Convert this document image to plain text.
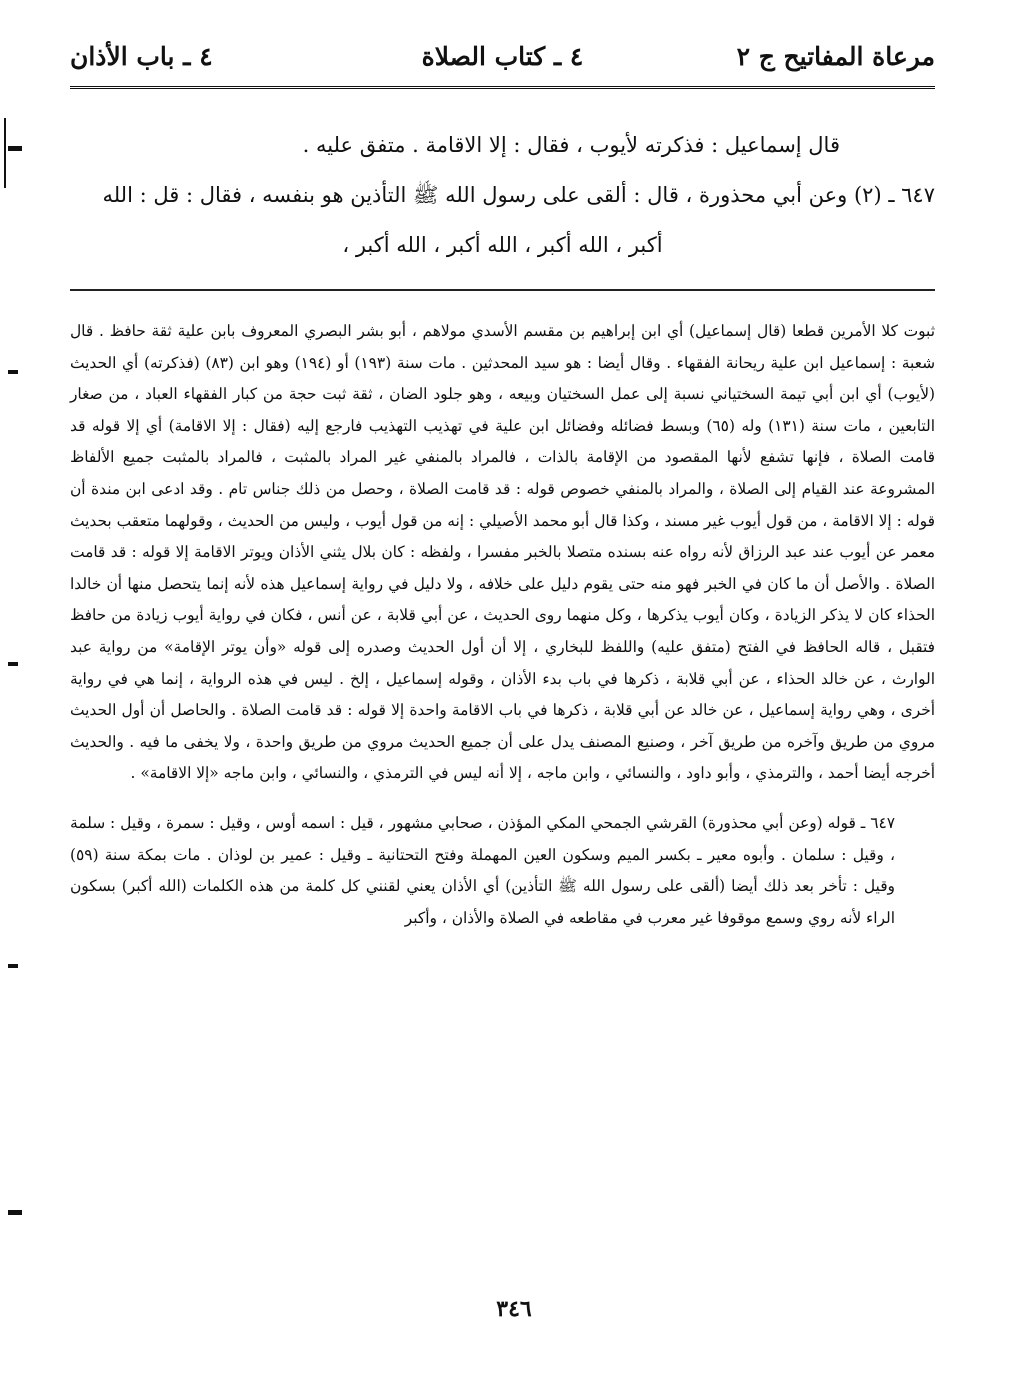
مرعاة المفاتيح ج ٢
٤ ـ كتاب الصلاة
٤ ـ باب الأذان

قال إسماعيل : فذكرته لأيوب ، فقال : إلا الاقامة . متفق عليه .

٦٤٧ ـ (٢) وعن أبي محذورة ، قال : ألقى على رسول الله ﷺ التأذين هو بنفسه ، فقال : قل : الله

أكبر ، الله أكبر ، الله أكبر ، الله أكبر ،

ثبوت كلا الأمرين قطعا (قال إسماعيل) أي ابن إبراهيم بن مقسم الأسدي مولاهم ، أبو بشر البصري المعروف بابن علية ثقة حافظ . قال شعبة : إسماعيل ابن علية ريحانة الفقهاء . وقال أيضا : هو سيد المحدثين . مات سنة (١٩٣) أو (١٩٤) وهو ابن (٨٣) (فذكرته) أي الحديث (لأيوب) أي ابن أبي تيمة السختياني نسبة إلى عمل السختيان وبيعه ، وهو جلود الضان ، ثقة ثبت حجة من كبار الفقهاء العباد ، من صغار التابعين ، مات سنة (١٣١) وله (٦٥) وبسط فضائله وفضائل ابن علية في تهذيب التهذيب فارجع إليه (فقال : إلا الاقامة) أي إلا قوله قد قامت الصلاة ، فإنها تشفع لأنها المقصود من الإقامة بالذات ، فالمراد بالمنفي غير المراد بالمثبت ، فالمراد بالمثبت جميع الألفاظ المشروعة عند القيام إلى الصلاة ، والمراد بالمنفي خصوص قوله : قد قامت الصلاة ، وحصل من ذلك جناس تام . وقد ادعى ابن مندة أن قوله : إلا الاقامة ، من قول أيوب غير مسند ، وكذا قال أبو محمد الأصيلي : إنه من قول أيوب ، وليس من الحديث ، وقولهما متعقب بحديث معمر عن أيوب عند عبد الرزاق لأنه رواه عنه بسنده متصلا بالخبر مفسرا ، ولفظه : كان بلال يثني الأذان ويوتر الاقامة إلا قوله : قد قامت الصلاة . والأصل أن ما كان في الخبر فهو منه حتى يقوم دليل على خلافه ، ولا دليل في رواية إسماعيل هذه لأنه إنما يتحصل منها أن خالدا الحذاء كان لا يذكر الزيادة ، وكان أيوب يذكرها ، وكل منهما روى الحديث ، عن أبي قلابة ، عن أنس ، فكان في رواية أيوب زيادة من حافظ فتقبل ، قاله الحافظ في الفتح (متفق عليه) واللفظ للبخاري ، إلا أن أول الحديث وصدره إلى قوله «وأن يوتر الإقامة» من رواية عبد الوارث ، عن خالد الحذاء ، عن أبي قلابة ، ذكرها في باب بدء الأذان ، وقوله إسماعيل ، إلخ . ليس في هذه الرواية ، إنما هي في رواية أخرى ، وهي رواية إسماعيل ، عن خالد عن أبي قلابة ، ذكرها في باب الاقامة واحدة إلا قوله : قد قامت الصلاة . والحاصل أن أول الحديث مروي من طريق وآخره من طريق آخر ، وصنيع المصنف يدل على أن جميع الحديث مروي من طريق واحدة ، ولا يخفى ما فيه . والحديث أخرجه أيضا أحمد ، والترمذي ، وأبو داود ، والنسائي ، وابن ماجه ، إلا أنه ليس في الترمذي ، والنسائي ، وابن ماجه «إلا الاقامة» .

٦٤٧ ـ قوله (وعن أبي محذورة) القرشي الجمحي المكي المؤذن ، صحابي مشهور ، قيل : اسمه أوس ، وقيل : سمرة ، وقيل : سلمة ، وقيل : سلمان . وأبوه معير ـ بكسر الميم وسكون العين المهملة وفتح التحتانية ـ وقيل : عمير بن لوذان . مات بمكة سنة (٥٩) وقيل : تأخر بعد ذلك أيضا (ألقى على رسول الله ﷺ التأذين) أي الأذان يعني لقنني كل كلمة من هذه الكلمات (الله أكبر) بسكون الراء لأنه روي وسمع موقوفا غير معرب في مقاطعه في الصلاة والأذان ، وأكبر

٣٤٦
